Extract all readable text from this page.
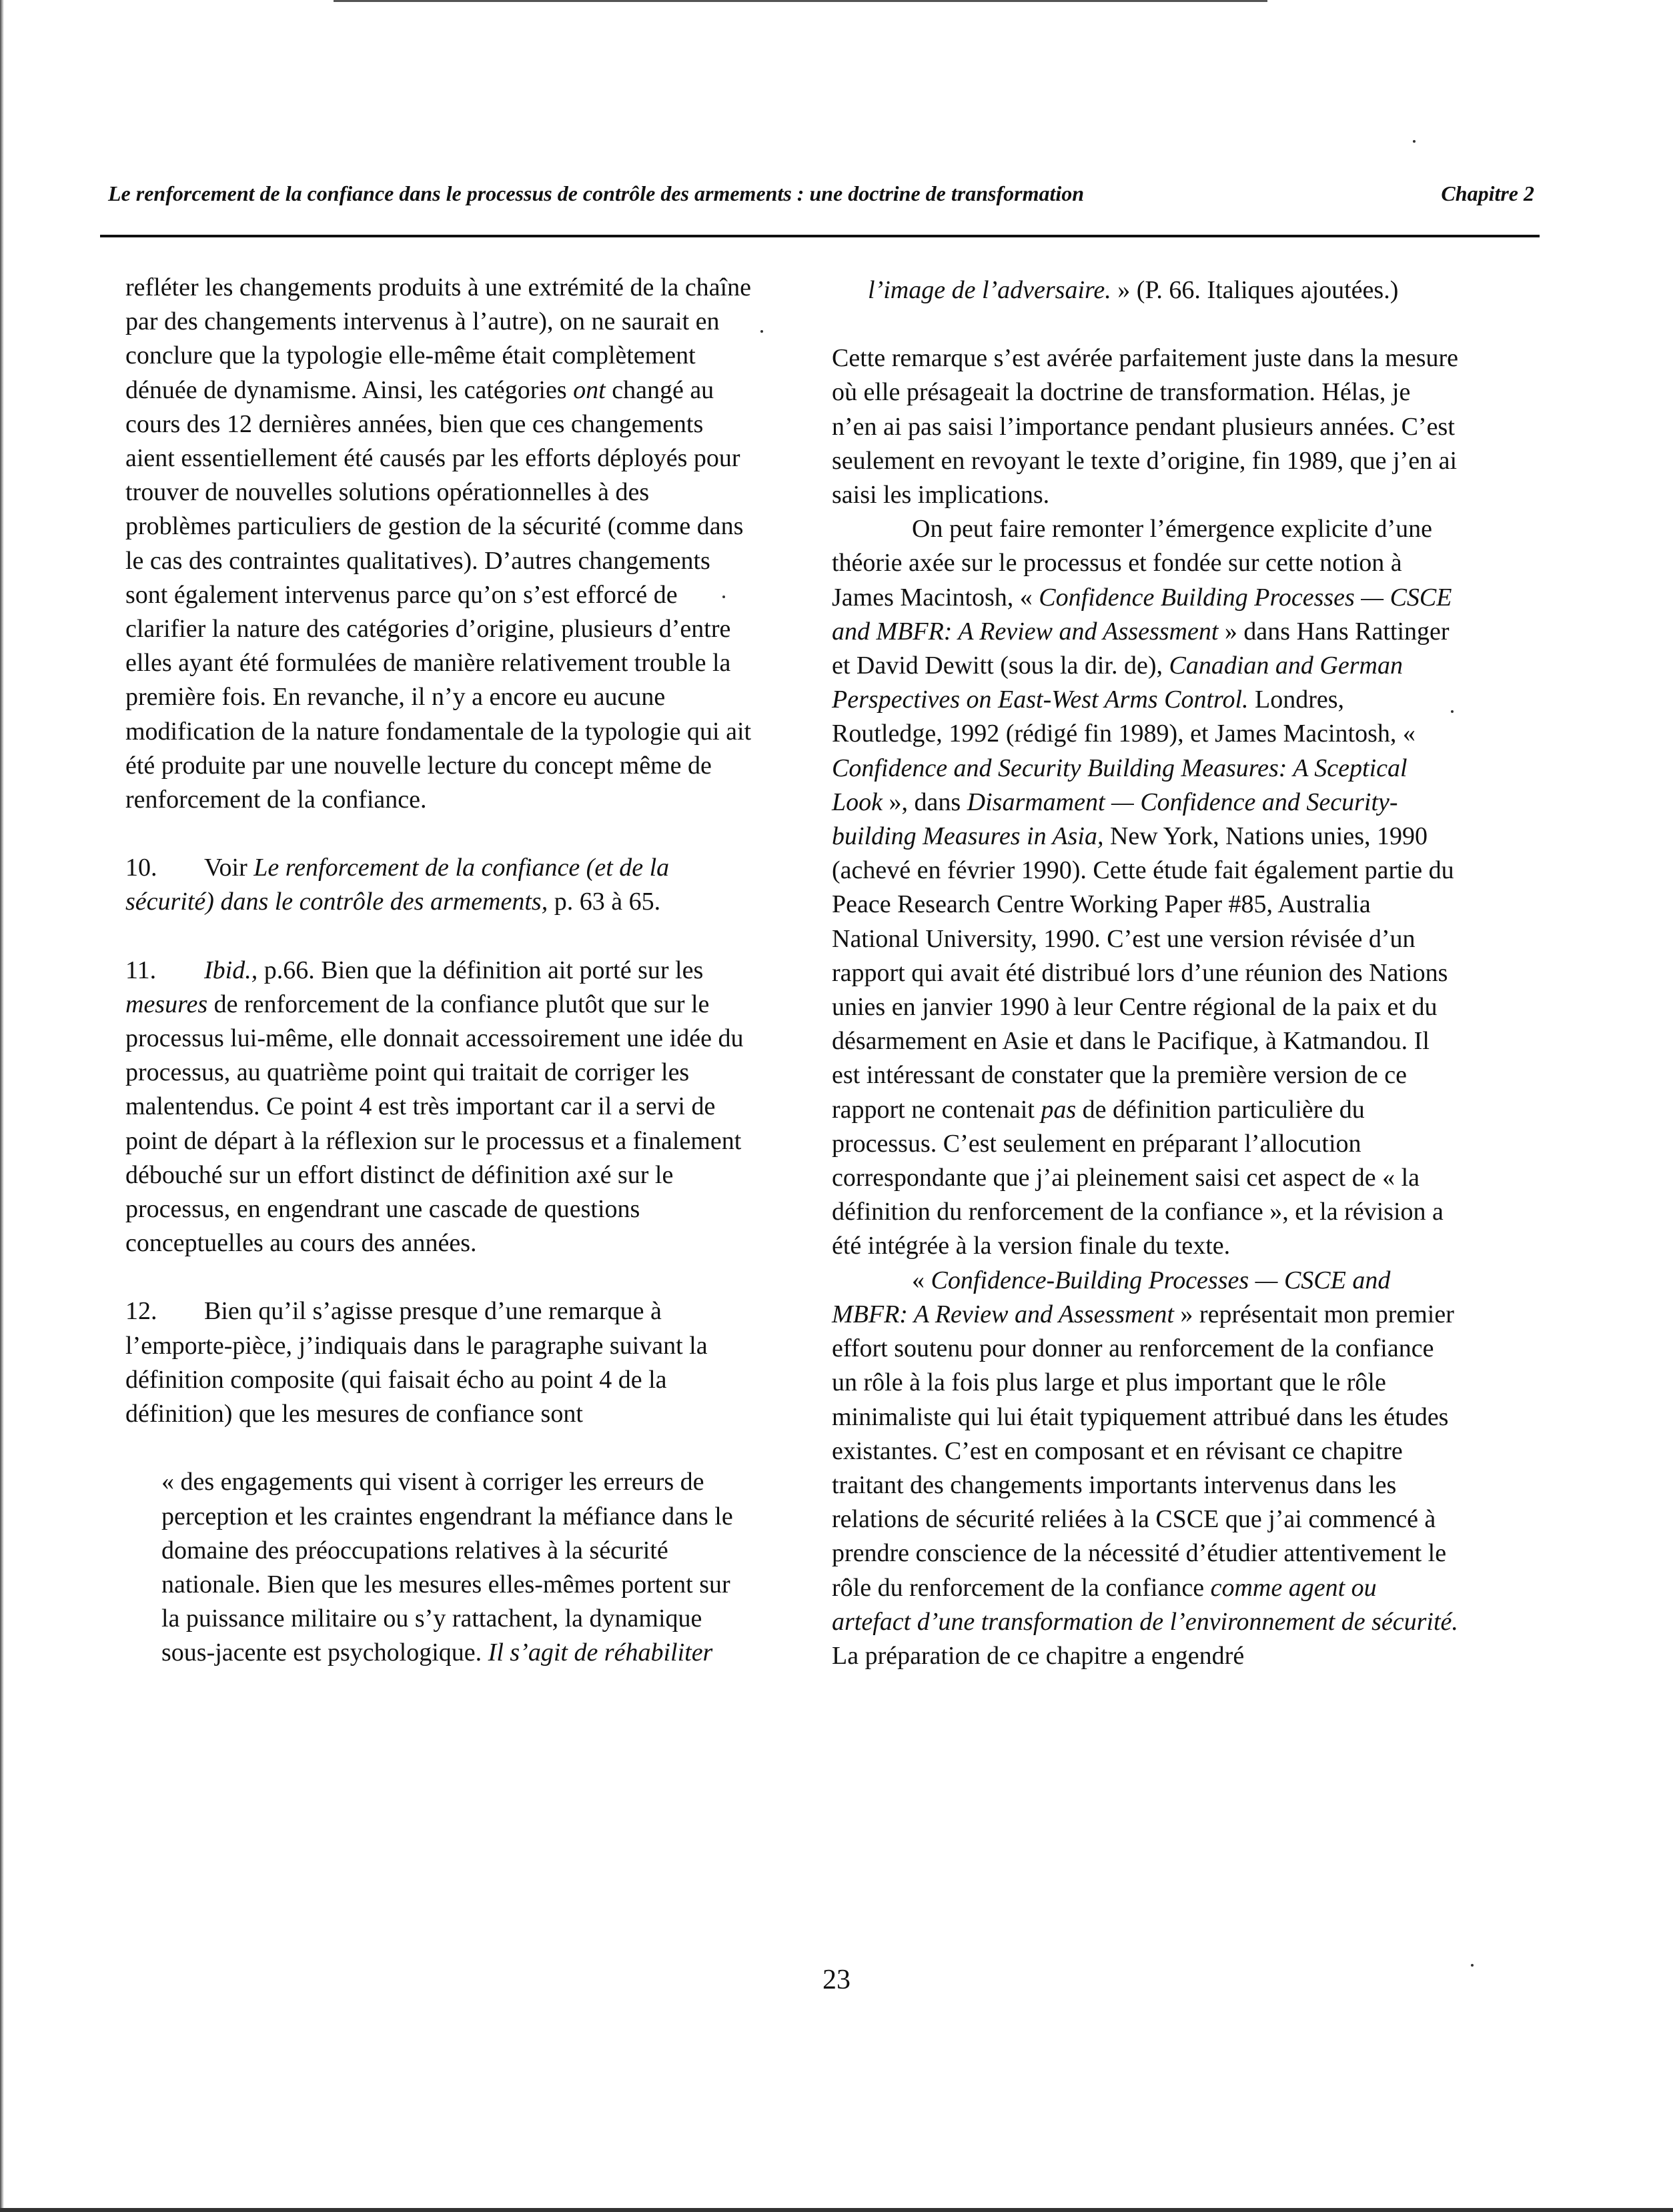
Le renforcement de la confiance dans le processus de contrôle des armements : une doctrine de transformation	Chapitre 2

refléter les changements produits à une extrémité de la chaîne par des changements intervenus à l’autre), on ne saurait en conclure que la typologie elle-même était complètement dénuée de dynamisme. Ainsi, les catégories ont changé au cours des 12 dernières années, bien que ces changements aient essentiellement été causés par les efforts déployés pour trouver de nouvelles solutions opérationnelles à des problèmes particuliers de gestion de la sécurité (comme dans le cas des contraintes qualitatives). D’autres changements sont également intervenus parce qu’on s’est efforcé de clarifier la nature des catégories d’origine, plusieurs d’entre elles ayant été formulées de manière relativement trouble la première fois. En revanche, il n’y a encore eu aucune modification de la nature fondamentale de la typologie qui ait été produite par une nouvelle lecture du concept même de renforcement de la confiance.

10. Voir Le renforcement de la confiance (et de la sécurité) dans le contrôle des armements, p. 63 à 65.

11. Ibid., p.66. Bien que la définition ait porté sur les mesures de renforcement de la confiance plutôt que sur le processus lui-même, elle donnait accessoirement une idée du processus, au quatrième point qui traitait de corriger les malentendus. Ce point 4 est très important car il a servi de point de départ à la réflexion sur le processus et a finalement débouché sur un effort distinct de définition axé sur le processus, en engendrant une cascade de questions conceptuelles au cours des années.

12. Bien qu’il s’agisse presque d’une remarque à l’emporte-pièce, j’indiquais dans le paragraphe suivant la définition composite (qui faisait écho au point 4 de la définition) que les mesures de confiance sont

« des engagements qui visent à corriger les erreurs de perception et les craintes engendrant la méfiance dans le domaine des préoccupations relatives à la sécurité nationale. Bien que les mesures elles-mêmes portent sur la puissance militaire ou s’y rattachent, la dynamique sous-jacente est psychologique. Il s’agit de réhabiliter

l’image de l’adversaire. » (P. 66. Italiques ajoutées.)

Cette remarque s’est avérée parfaitement juste dans la mesure où elle présageait la doctrine de transformation. Hélas, je n’en ai pas saisi l’importance pendant plusieurs années. C’est seulement en revoyant le texte d’origine, fin 1989, que j’en ai saisi les implications.

On peut faire remonter l’émergence explicite d’une théorie axée sur le processus et fondée sur cette notion à James Macintosh, « Confidence Building Processes — CSCE and MBFR: A Review and Assessment » dans Hans Rattinger et David Dewitt (sous la dir. de), Canadian and German Perspectives on East-West Arms Control. Londres, Routledge, 1992 (rédigé fin 1989), et James Macintosh, « Confidence and Security Building Measures: A Sceptical Look », dans Disarmament — Confidence and Security-building Measures in Asia, New York, Nations unies, 1990 (achevé en février 1990). Cette étude fait également partie du Peace Research Centre Working Paper #85, Australia National University, 1990. C’est une version révisée d’un rapport qui avait été distribué lors d’une réunion des Nations unies en janvier 1990 à leur Centre régional de la paix et du désarmement en Asie et dans le Pacifique, à Katmandou. Il est intéressant de constater que la première version de ce rapport ne contenait pas de définition particulière du processus. C’est seulement en préparant l’allocution correspondante que j’ai pleinement saisi cet aspect de « la définition du renforcement de la confiance », et la révision a été intégrée à la version finale du texte.

« Confidence-Building Processes — CSCE and MBFR: A Review and Assessment » représentait mon premier effort soutenu pour donner au renforcement de la confiance un rôle à la fois plus large et plus important que le rôle minimaliste qui lui était typiquement attribué dans les études existantes. C’est en composant et en révisant ce chapitre traitant des changements importants intervenus dans les relations de sécurité reliées à la CSCE que j’ai commencé à prendre conscience de la nécessité d’étudier attentivement le rôle du renforcement de la confiance comme agent ou artefact d’une transformation de l’environnement de sécurité. La préparation de ce chapitre a engendré

23
